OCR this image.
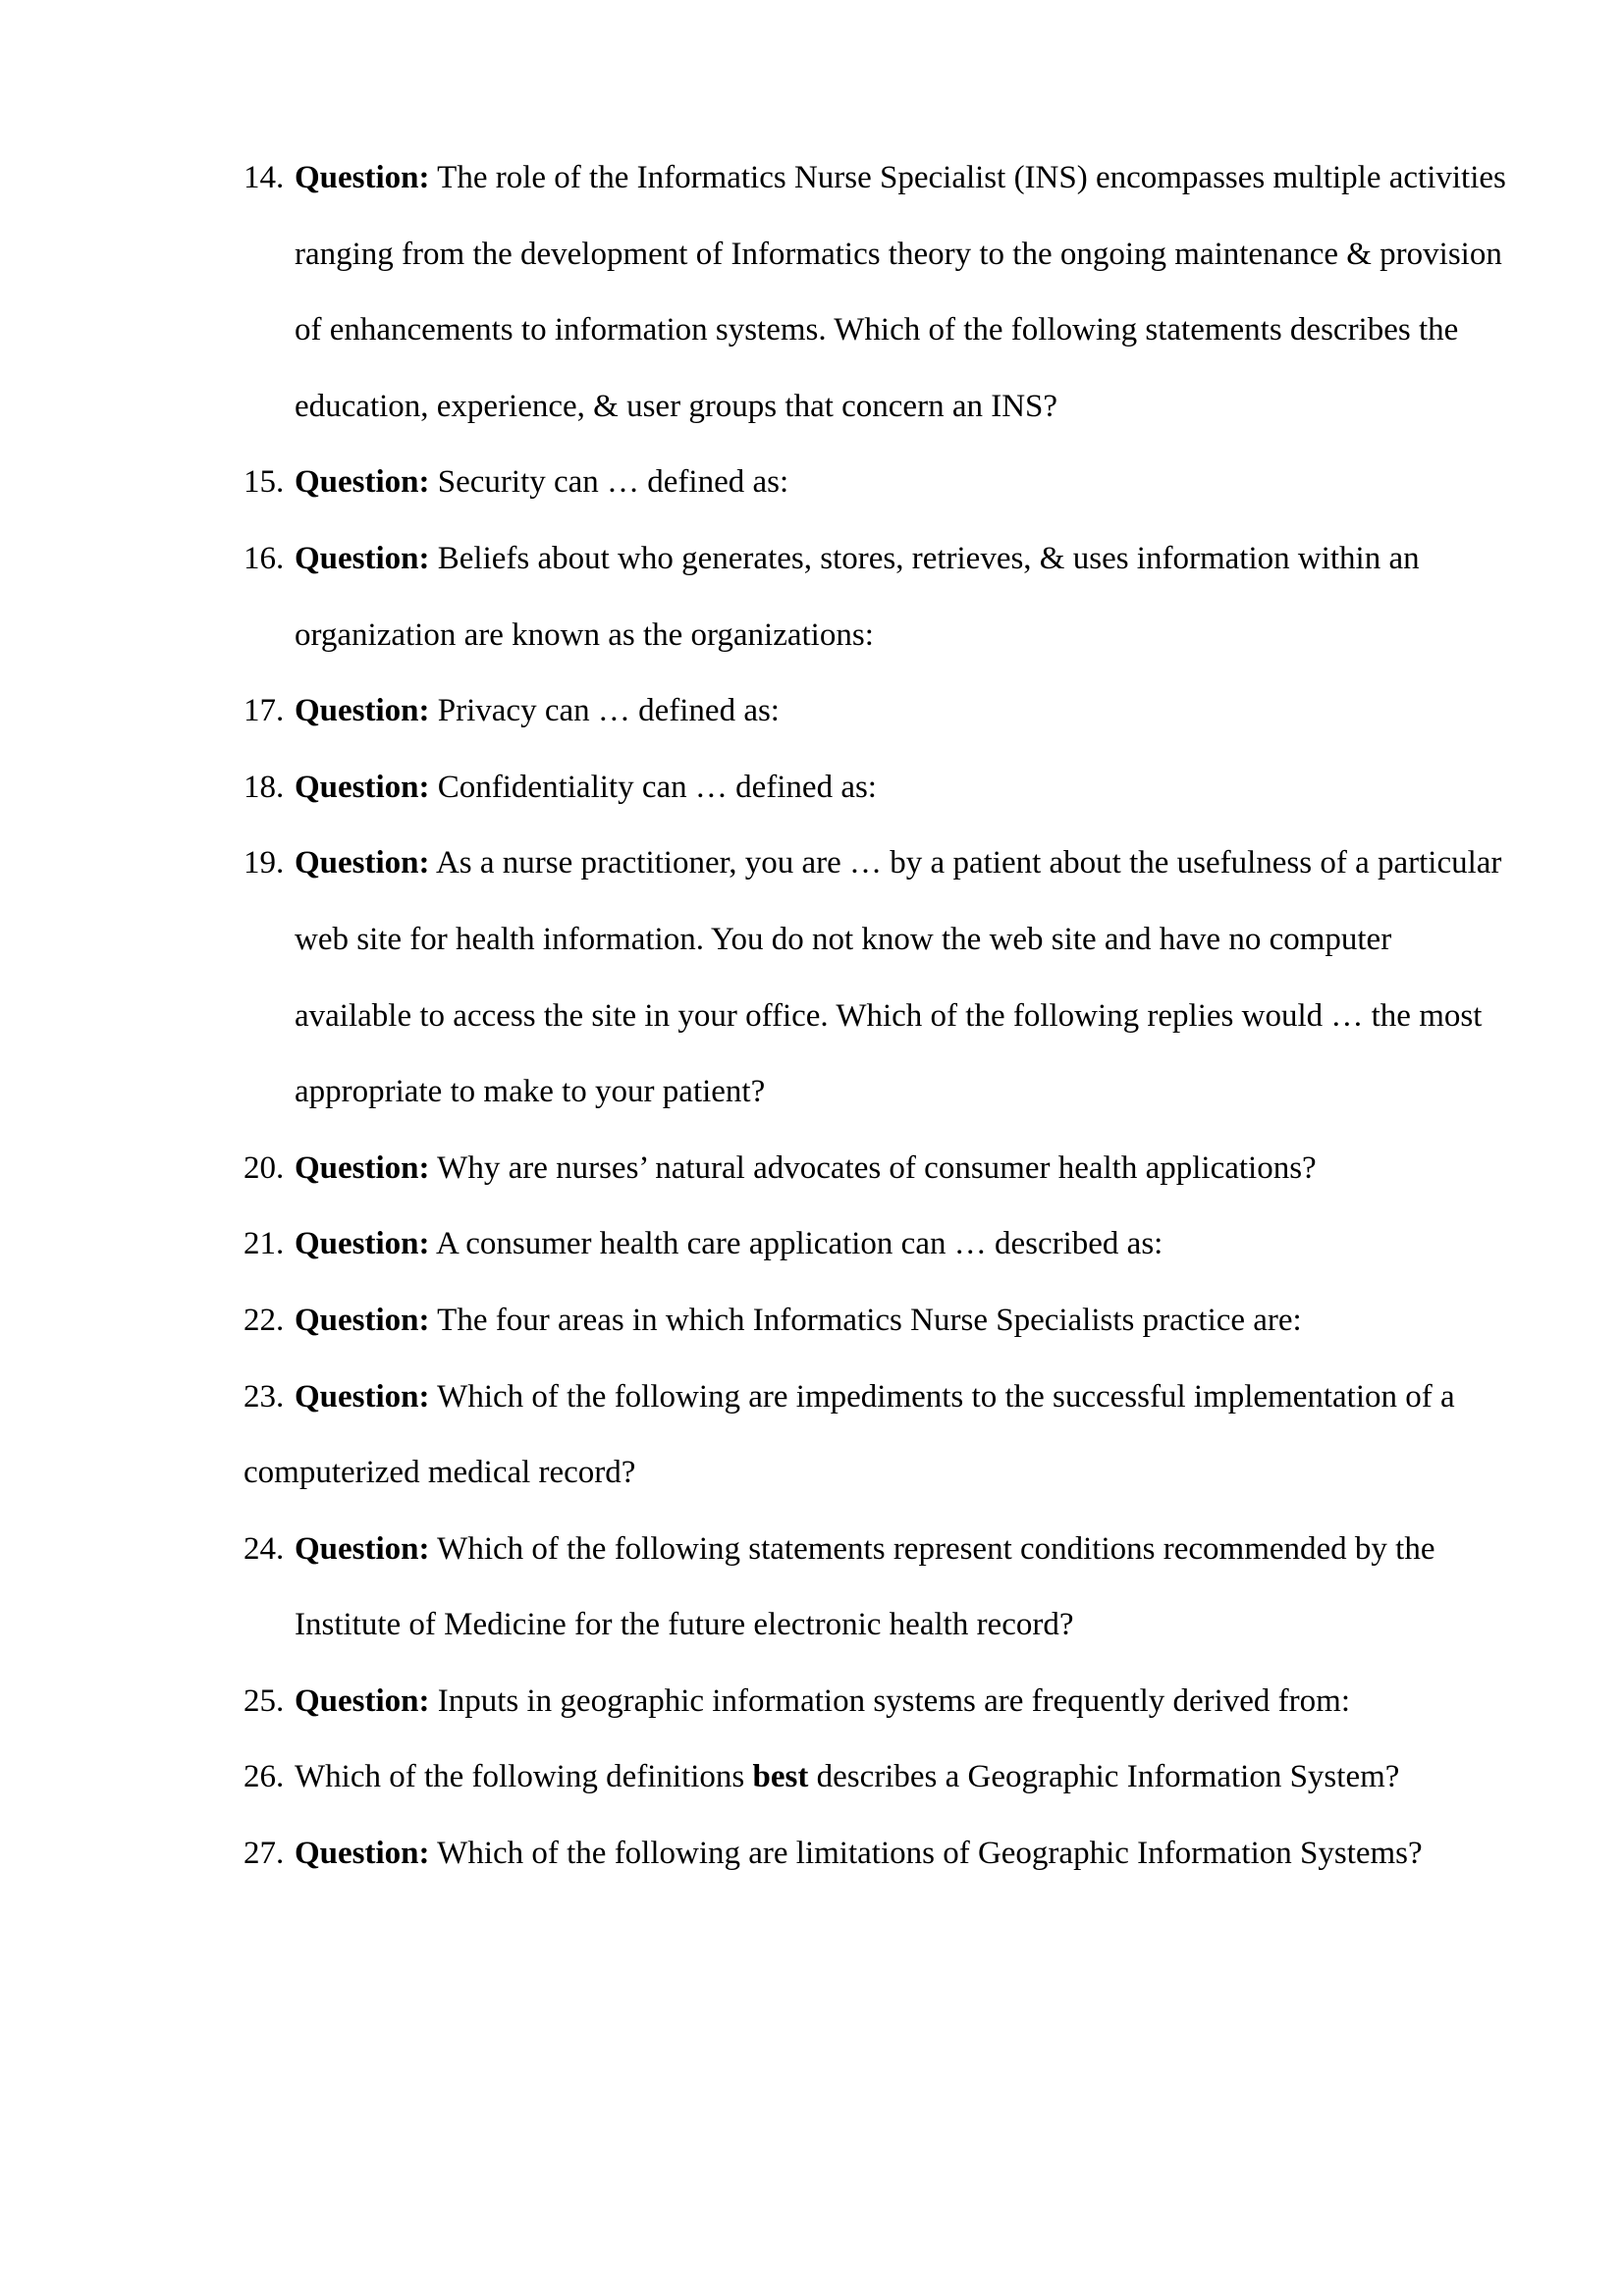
14. Question: The role of the Informatics Nurse Specialist (INS) encompasses multiple activities
ranging from the development of Informatics theory to the ongoing maintenance & provision
of enhancements to information systems. Which of the following statements describes the
education, experience, & user groups that concern an INS?
15. Question: Security can … defined as:
16. Question: Beliefs about who generates, stores, retrieves, & uses information within an
organization are known as the organizations:
17. Question: Privacy can … defined as:
18. Question: Confidentiality can … defined as:
19. Question: As a nurse practitioner, you are … by a patient about the usefulness of a particular
web site for health information. You do not know the web site and have no computer
available to access the site in your office. Which of the following replies would … the most
appropriate to make to your patient?
20. Question: Why are nurses’ natural advocates of consumer health applications?
21. Question: A consumer health care application can … described as:
22. Question: The four areas in which Informatics Nurse Specialists practice are:
23. Question: Which of the following are impediments to the successful implementation of a
computerized medical record?
24. Question: Which of the following statements represent conditions recommended by the
Institute of Medicine for the future electronic health record?
25. Question: Inputs in geographic information systems are frequently derived from:
26. Which of the following definitions best describes a Geographic Information System?
27. Question: Which of the following are limitations of Geographic Information Systems?
